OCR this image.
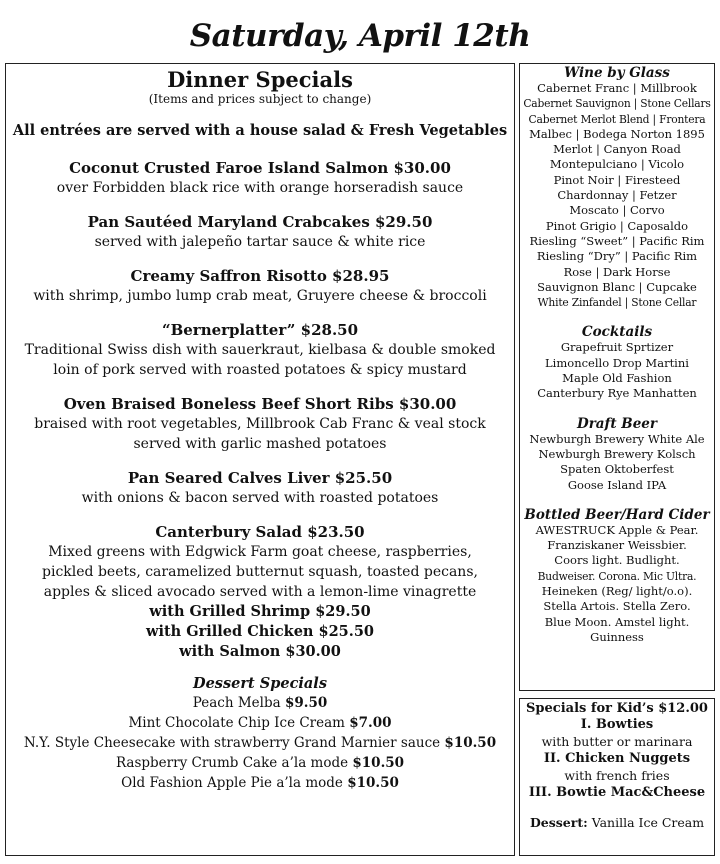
Saturday, April 12th
Dinner Specials
(Items and prices subject to change)
All entrées are served with a house salad & Fresh Vegetables
Coconut Crusted Faroe Island Salmon $30.00
over Forbidden black rice with orange horseradish sauce
Pan Sautéed Maryland Crabcakes $29.50
served with jalepeño tartar sauce & white rice
Creamy Saffron Risotto $28.95
with shrimp, jumbo lump crab meat, Gruyere cheese & broccoli
“Bernerplatter” $28.50
Traditional Swiss dish with sauerkraut, kielbasa & double smoked
loin of pork served with roasted potatoes & spicy mustard
Oven Braised Boneless Beef Short Ribs $30.00
braised with root vegetables, Millbrook Cab Franc & veal stock
served with garlic mashed potatoes
Pan Seared Calves Liver $25.50
with onions & bacon served with roasted potatoes
Canterbury Salad $23.50
Mixed greens with Edgwick Farm goat cheese, raspberries,
pickled beets, caramelized butternut squash, toasted pecans,
apples & sliced avocado served with a lemon-lime vinagrette
with Grilled Shrimp $29.50
with Grilled Chicken $25.50
with Salmon $30.00
Dessert Specials
Peach Melba $9.50
Mint Chocolate Chip Ice Cream $7.00
N.Y. Style Cheesecake with strawberry Grand Marnier sauce $10.50
Raspberry Crumb Cake a’la mode $10.50
Old Fashion Apple Pie a’la mode $10.50
Wine by Glass
Cabernet Franc | Millbrook
Cabernet Sauvignon | Stone Cellars
Cabernet Merlot Blend | Frontera
Malbec | Bodega Norton 1895
Merlot | Canyon Road
Montepulciano | Vicolo
Pinot Noir | Firesteed
Chardonnay | Fetzer
Moscato | Corvo
Pinot Grigio | Caposaldo
Riesling “Sweet” | Pacific Rim
Riesling “Dry” | Pacific Rim
Rose | Dark Horse
Sauvignon Blanc | Cupcake
White Zinfandel | Stone Cellar
Cocktails
Grapefruit Sprtizer
Limoncello Drop Martini
Maple Old Fashion
Canterbury Rye Manhatten
Draft Beer
Newburgh Brewery White Ale
Newburgh Brewery Kolsch
Spaten Oktoberfest
Goose Island IPA
Bottled Beer/Hard Cider
AWESTRUCK Apple & Pear.
Franziskaner Weissbier.
Coors light. Budlight.
Budweiser. Corona. Mic Ultra.
Heineken (Reg/ light/o.o).
Stella Artois. Stella Zero.
Blue Moon. Amstel light.
Guinness
Specials for Kid’s $12.00
I. Bowties
with butter or marinara
II. Chicken Nuggets
with french fries
III. Bowtie Mac&Cheese
Dessert: Vanilla Ice Cream
